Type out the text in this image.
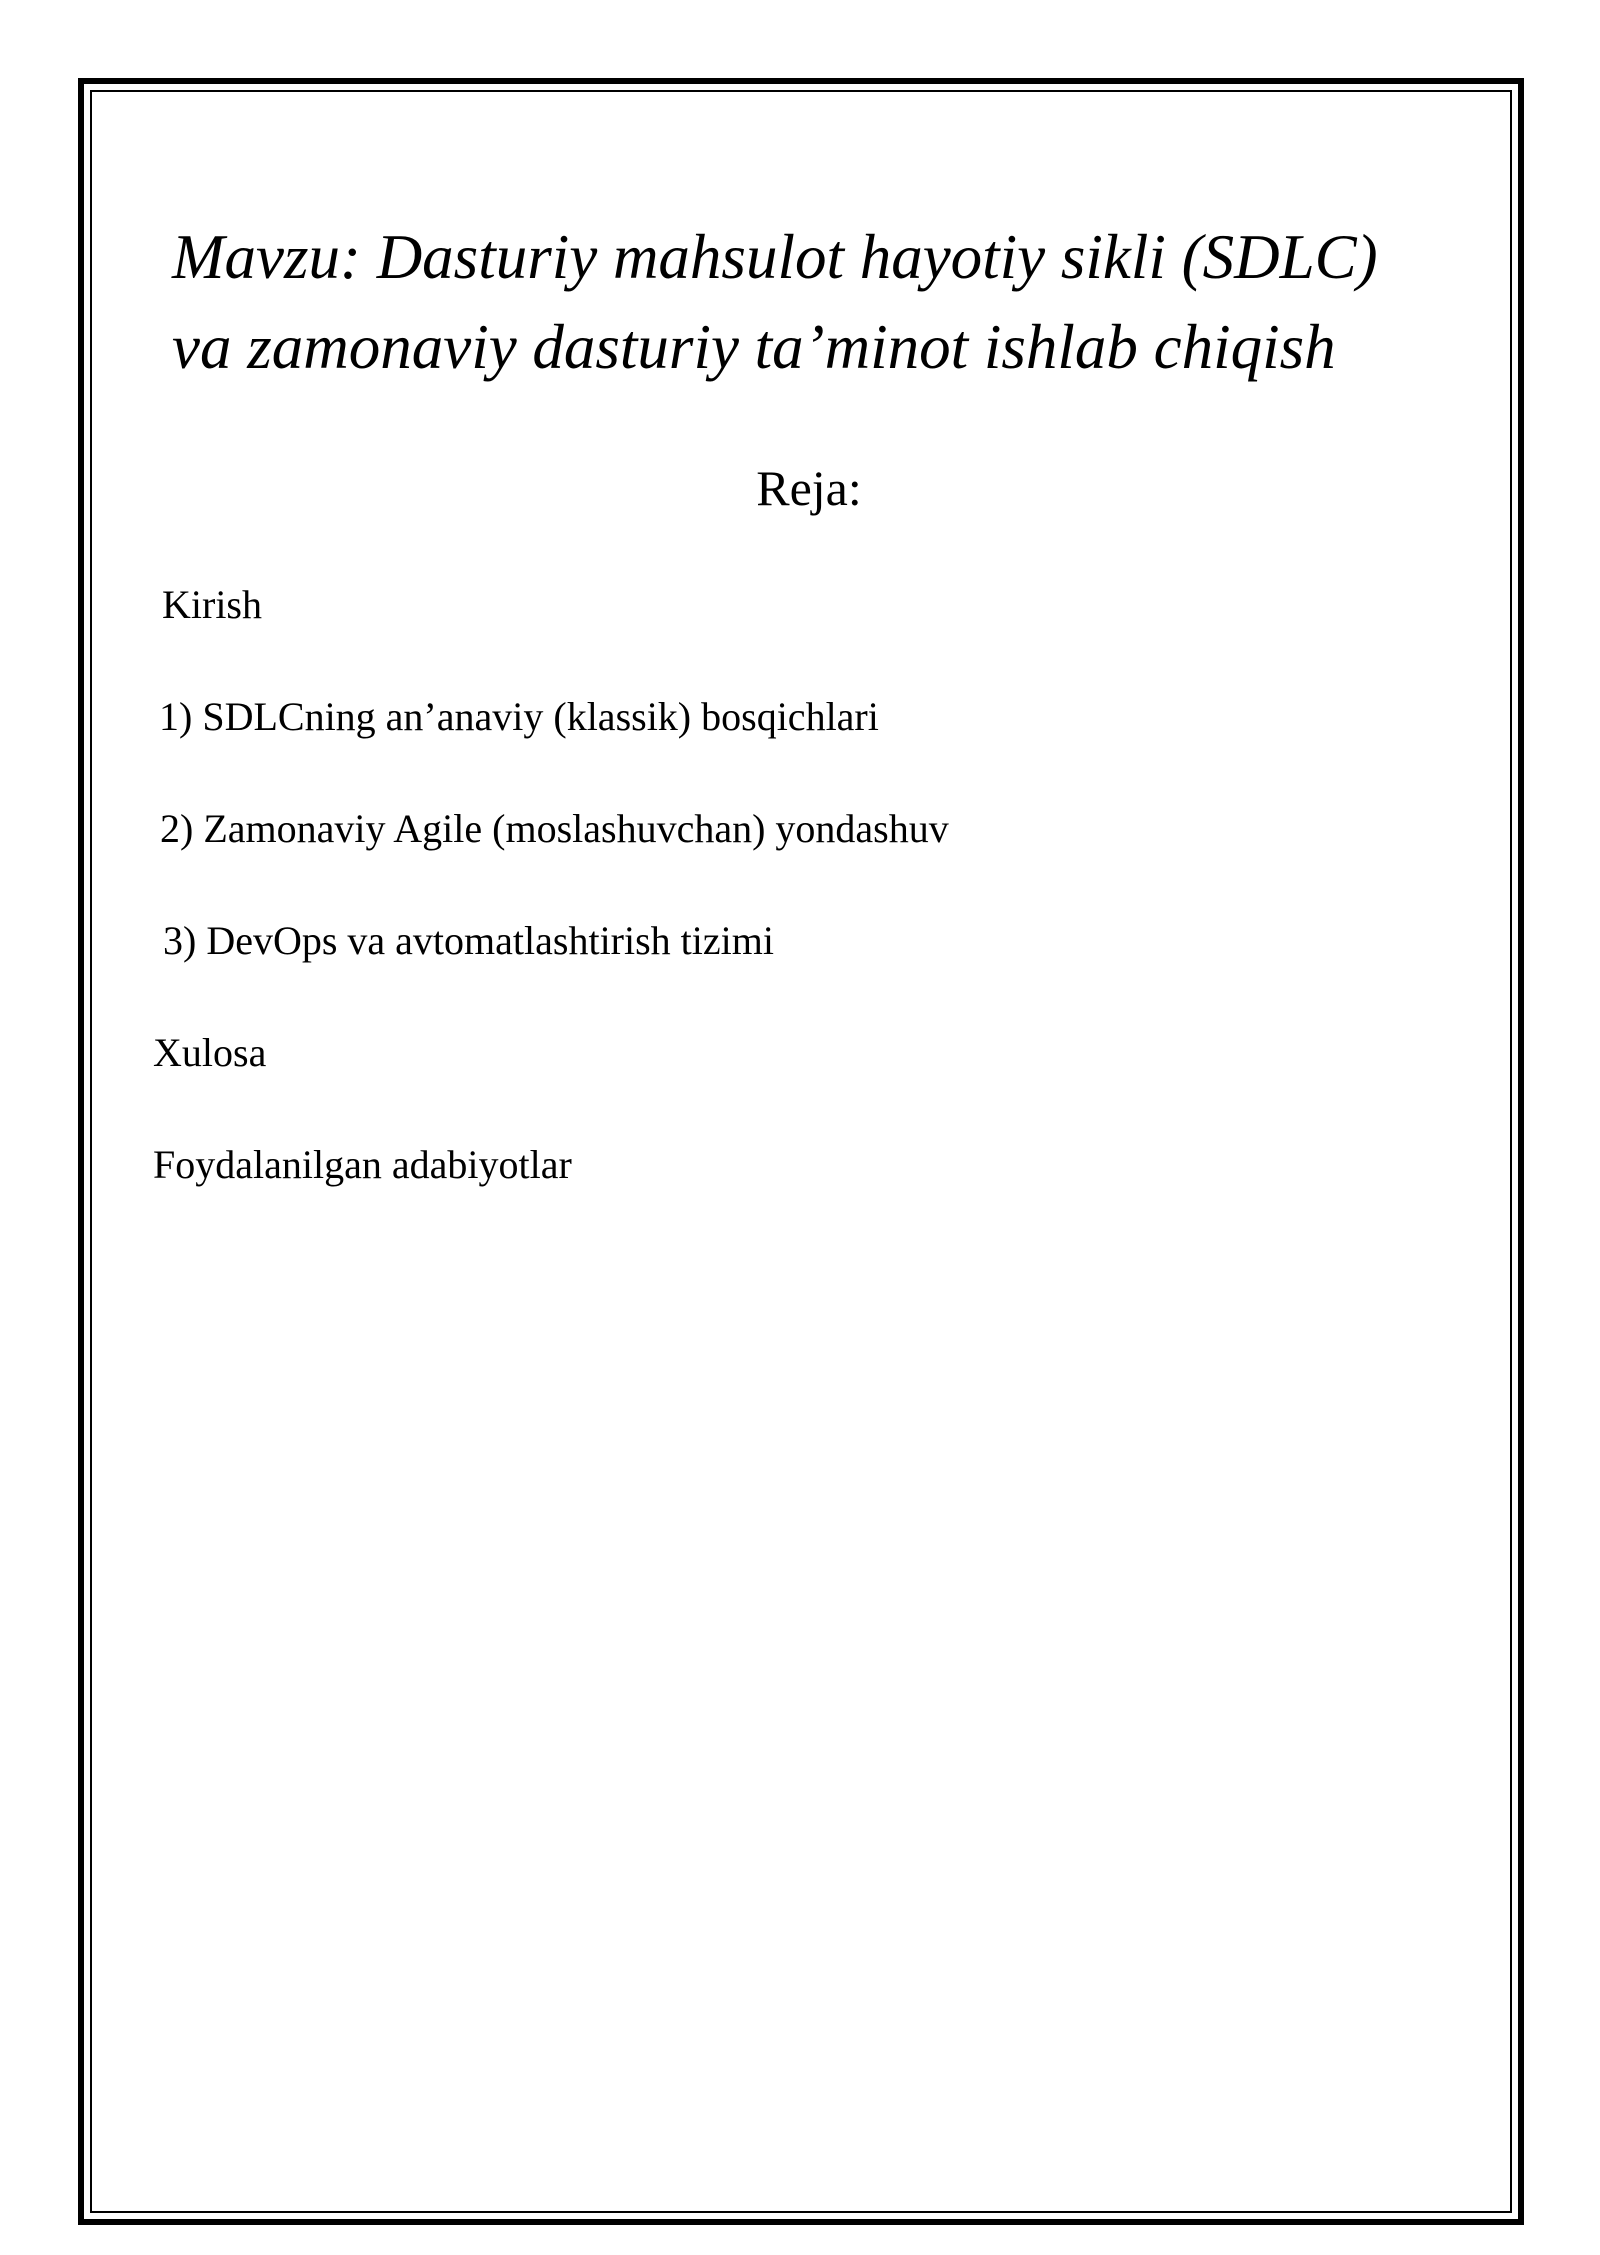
Mavzu: Dasturiy mahsulot hayotiy sikli (SDLC)
va zamonaviy dasturiy ta’minot ishlab chiqish
Reja:

Kirish

1) SDLCning an’anaviy (klassik) bosqichlari

2) Zamonaviy Agile (moslashuvchan) yondashuv

3) DevOps va avtomatlashtirish tizimi

Xulosa

Foydalanilgan adabiyotlar
